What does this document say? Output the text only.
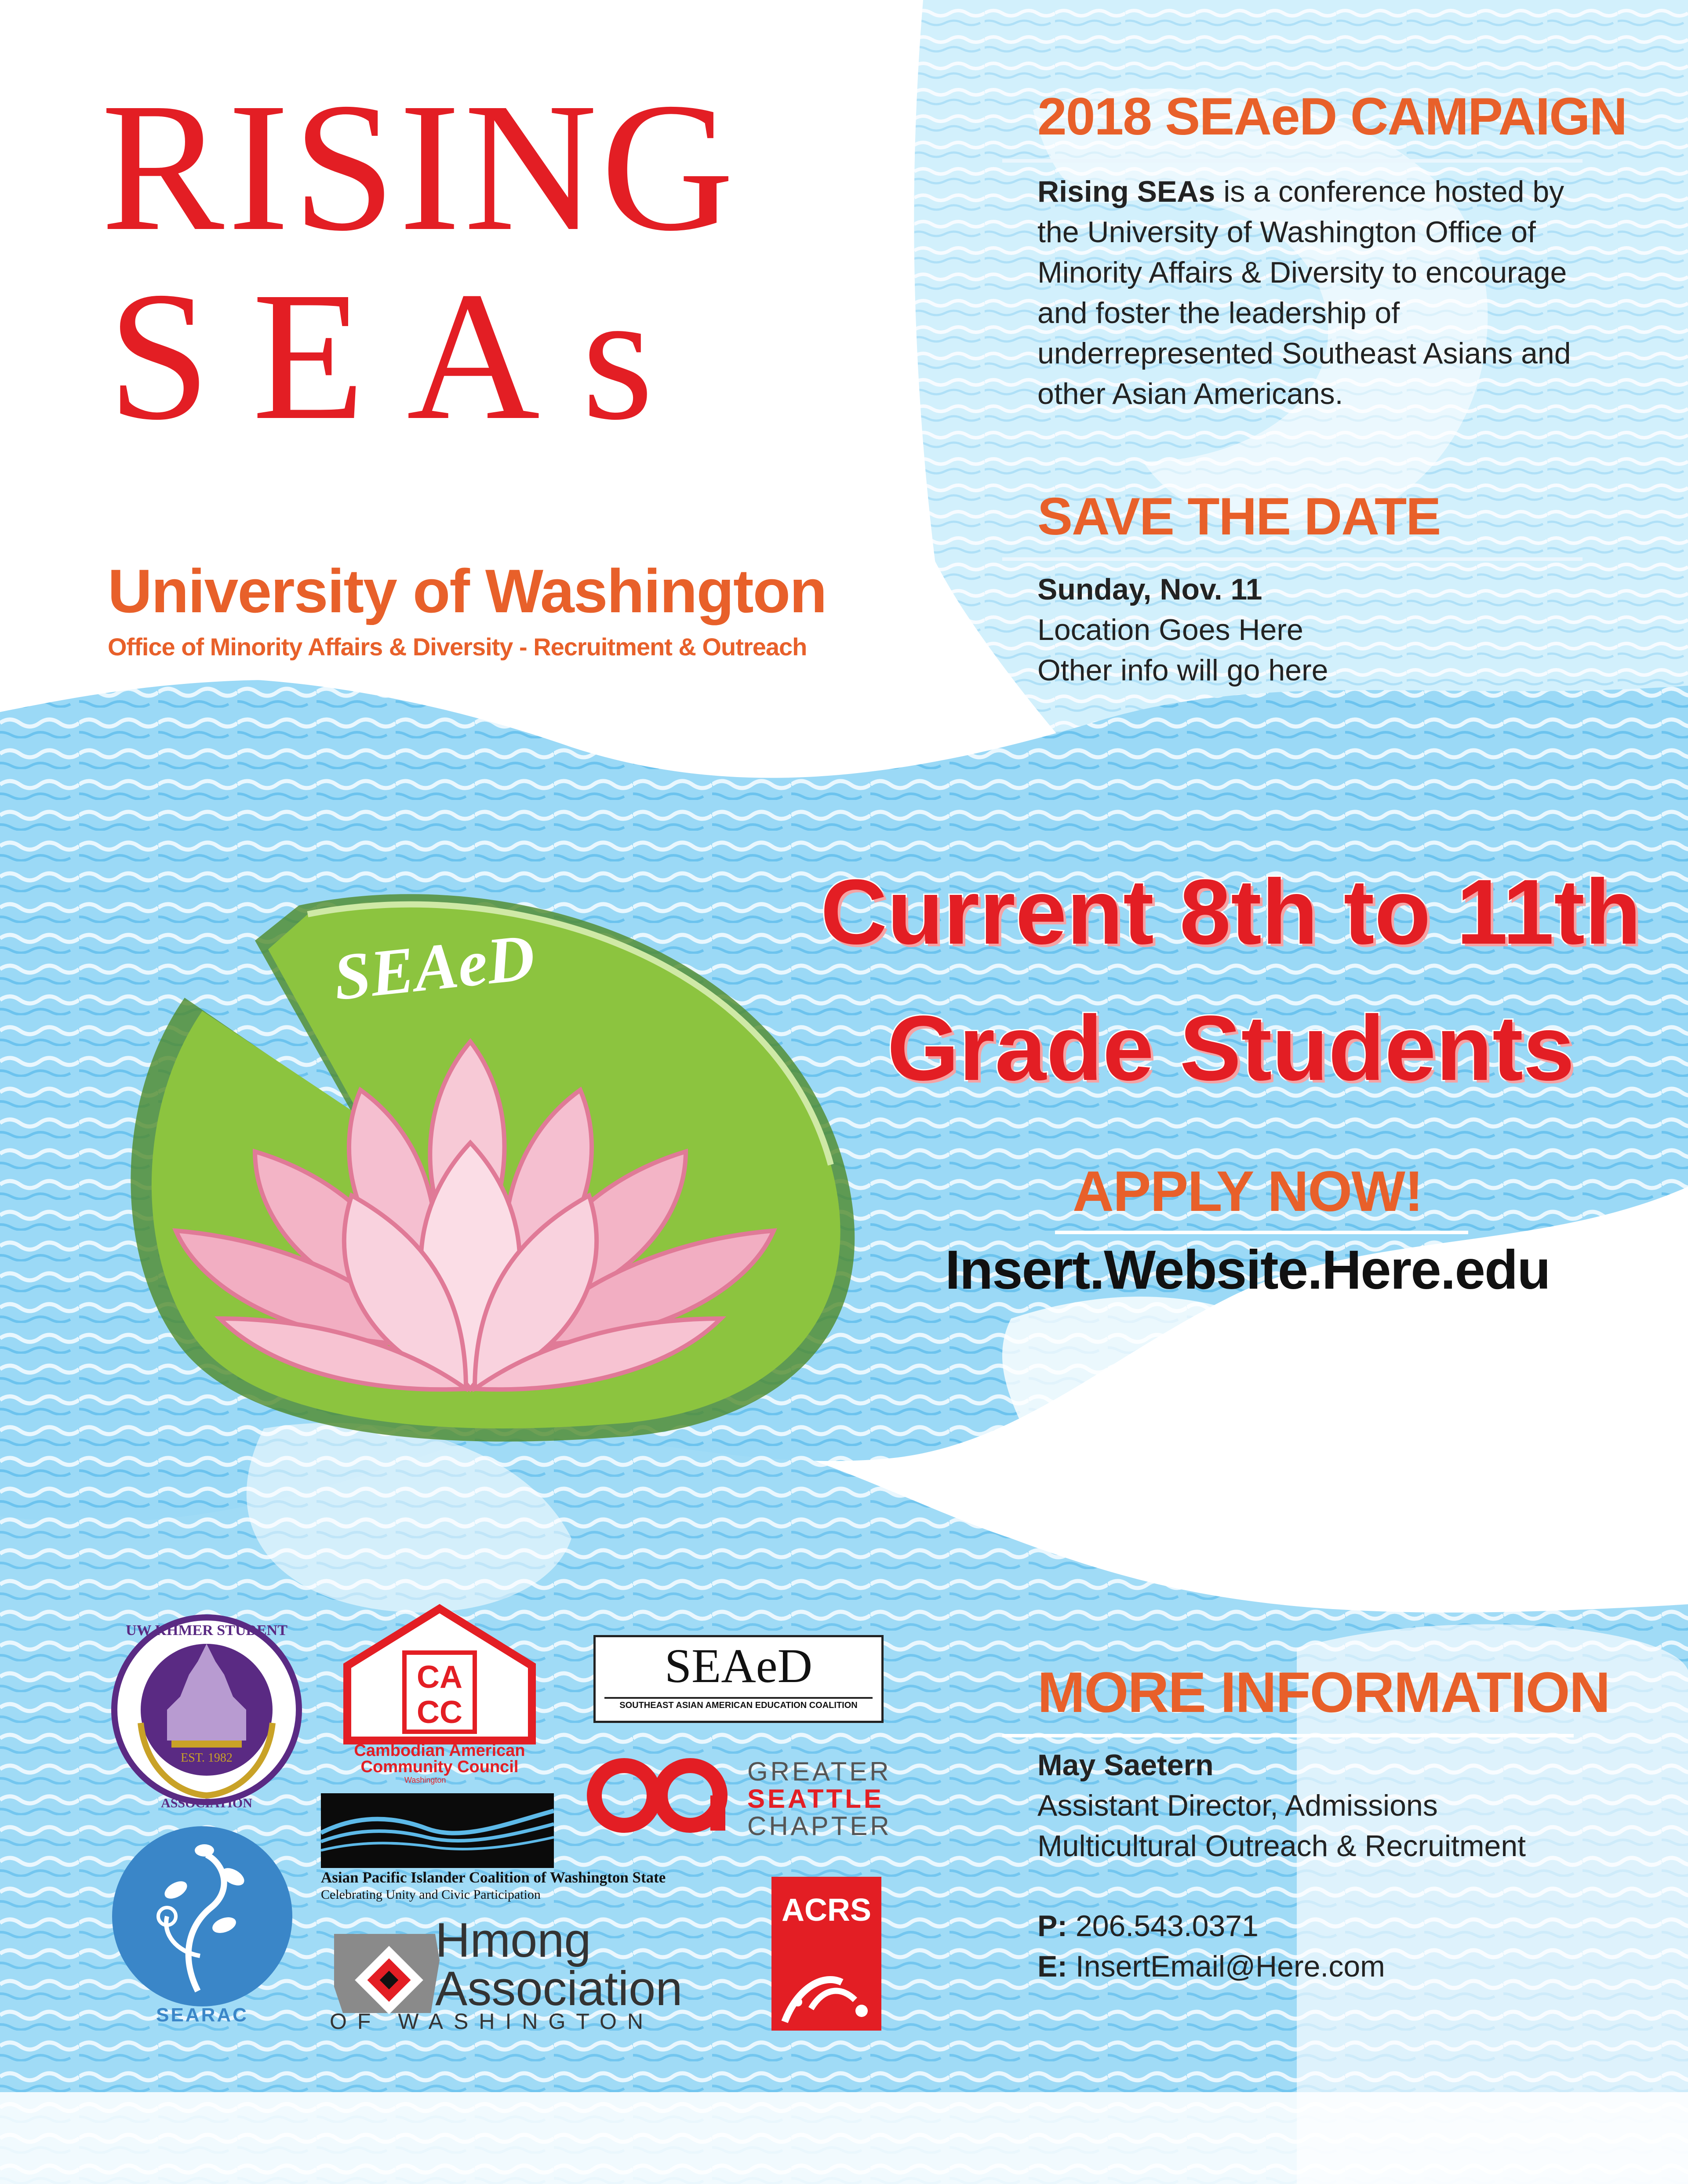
RISING
SEAs
University of Washington
Office of Minority Affairs & Diversity - Recruitment & Outreach
2018 SEAeD CAMPAIGN
Rising SEAs is a conference hosted by the University of Washington Office of Minority Affairs & Diversity to encourage and foster the leadership of underrepresented Southeast Asians and other Asian Americans.
SAVE THE DATE
Sunday, Nov. 11
Location Goes Here
Other info will go here
Current 8th to 11th
Grade Students
APPLY NOW!
Insert.Website.Here.edu
SEAeD
MORE INFORMATION
May Saetern
Assistant Director, Admissions
Multicultural Outreach & Recruitment
P: 206.543.0371
E: InsertEmail@Here.com
UW KHMER STUDENT
EST. 1982
ASSOCIATION
CA
CC
Cambodian American
Community Council
Washington
SEAeD
SOUTHEAST ASIAN AMERICAN EDUCATION COALITION
GREATER
SEATTLE
CHAPTER
Asian Pacific Islander Coalition of Washington State
Celebrating Unity and Civic Participation
SEARAC
Hmong
Association
OF WASHINGTON
ACRS
